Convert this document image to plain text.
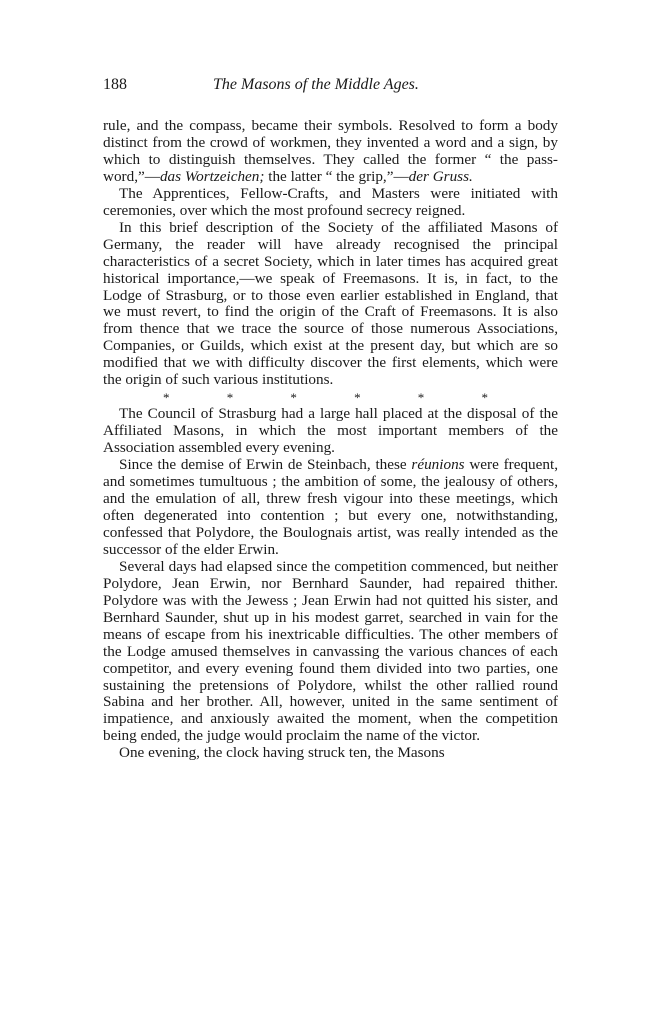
188	The Masons of the Middle Ages.

rule, and the compass, became their symbols. Resolved to form a body distinct from the crowd of workmen, they invented a word and a sign, by which to distinguish themselves. They called the former “ the pass-word,”—das Wortzeichen; the latter “ the grip,”—der Gruss.

The Apprentices, Fellow-Crafts, and Masters were initiated with ceremonies, over which the most profound secrecy reigned.

In this brief description of the Society of the affiliated Masons of Germany, the reader will have already recognised the principal characteristics of a secret Society, which in later times has acquired great historical importance,—we speak of Freemasons. It is, in fact, to the Lodge of Strasburg, or to those even earlier established in England, that we must revert, to find the origin of the Craft of Freemasons. It is also from thence that we trace the source of those numerous Associations, Companies, or Guilds, which exist at the present day, but which are so modified that we with difficulty discover the first elements, which were the origin of such various institutions.

*	*	*	*	*	*

The Council of Strasburg had a large hall placed at the disposal of the Affiliated Masons, in which the most important members of the Association assembled every evening.

Since the demise of Erwin de Steinbach, these réunions were frequent, and sometimes tumultuous ; the ambition of some, the jealousy of others, and the emulation of all, threw fresh vigour into these meetings, which often degenerated into contention ; but every one, notwithstanding, confessed that Polydore, the Boulognais artist, was really intended as the successor of the elder Erwin.

Several days had elapsed since the competition commenced, but neither Polydore, Jean Erwin, nor Bernhard Saunder, had repaired thither. Polydore was with the Jewess ; Jean Erwin had not quitted his sister, and Bernhard Saunder, shut up in his modest garret, searched in vain for the means of escape from his inextricable difficulties. The other members of the Lodge amused themselves in canvassing the various chances of each competitor, and every evening found them divided into two parties, one sustaining the pretensions of Polydore, whilst the other rallied round Sabina and her brother. All, however, united in the same sentiment of impatience, and anxiously awaited the moment, when the competition being ended, the judge would proclaim the name of the victor.

One evening, the clock having struck ten, the Masons
